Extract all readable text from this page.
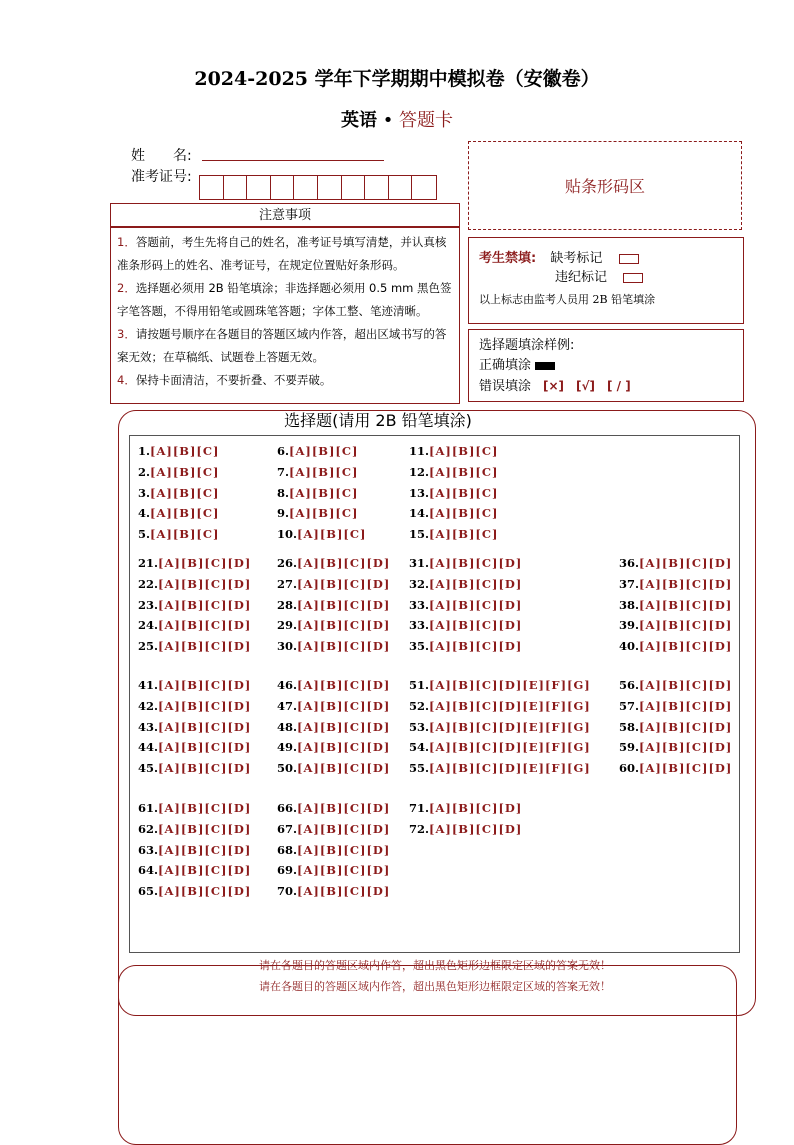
2024-2025 学年下学期期中模拟卷（安徽卷）
英语 • 答题卡
姓　　名:
准考证号:	贴条形码区
注意事项
1．答题前，考生先将自己的姓名，准考证号填写清楚，并认真核准条形码上的姓名、准考证号，在规定位置贴好条形码。
2．选择题必须用 2B 铅笔填涂；非选择题必须用 0.5 mm 黑色签字笔答题，不得用铅笔或圆珠笔答题；字体工整、笔迹清晰。
3．请按题号顺序在各题目的答题区域内作答，超出区域书写的答案无效；在草稿纸、试题卷上答题无效。
4．保持卡面清洁，不要折叠、不要弄破。
考生禁填: 缺考标记
违纪标记
以上标志由监考人员用 2B 铅笔填涂
选择题填涂样例:
正确填涂
错误填涂 [×]　[√]　[ / ]
选择题(请用 2B 铅笔填涂)
1.[A][B][C]
2.[A][B][C]
3.[A][B][C]
4.[A][B][C]
5.[A][B][C]
6.[A][B][C]
7.[A][B][C]
8.[A][B][C]
9.[A][B][C]
10.[A][B][C]
11.[A][B][C]
12.[A][B][C]
13.[A][B][C]
14.[A][B][C]
15.[A][B][C]
21.[A][B][C][D]
22.[A][B][C][D]
23.[A][B][C][D]
24.[A][B][C][D]
25.[A][B][C][D]
26.[A][B][C][D]
27.[A][B][C][D]
28.[A][B][C][D]
29.[A][B][C][D]
30.[A][B][C][D]
31.[A][B][C][D]
32.[A][B][C][D]
33.[A][B][C][D]
33.[A][B][C][D]
35.[A][B][C][D]
36.[A][B][C][D]
37.[A][B][C][D]
38.[A][B][C][D]
39.[A][B][C][D]
40.[A][B][C][D]
41.[A][B][C][D]
42.[A][B][C][D]
43.[A][B][C][D]
44.[A][B][C][D]
45.[A][B][C][D]
46.[A][B][C][D]
47.[A][B][C][D]
48.[A][B][C][D]
49.[A][B][C][D]
50.[A][B][C][D]
51.[A][B][C][D][E][F][G]
52.[A][B][C][D][E][F][G]
53.[A][B][C][D][E][F][G]
54.[A][B][C][D][E][F][G]
55.[A][B][C][D][E][F][G]
56.[A][B][C][D]
57.[A][B][C][D]
58.[A][B][C][D]
59.[A][B][C][D]
60.[A][B][C][D]
61.[A][B][C][D]
62.[A][B][C][D]
63.[A][B][C][D]
64.[A][B][C][D]
65.[A][B][C][D]
66.[A][B][C][D]
67.[A][B][C][D]
68.[A][B][C][D]
69.[A][B][C][D]
70.[A][B][C][D]
71.[A][B][C][D]
72.[A][B][C][D]
请在各题目的答题区域内作答，超出黑色矩形边框限定区域的答案无效！
请在各题目的答题区域内作答，超出黑色矩形边框限定区域的答案无效！
